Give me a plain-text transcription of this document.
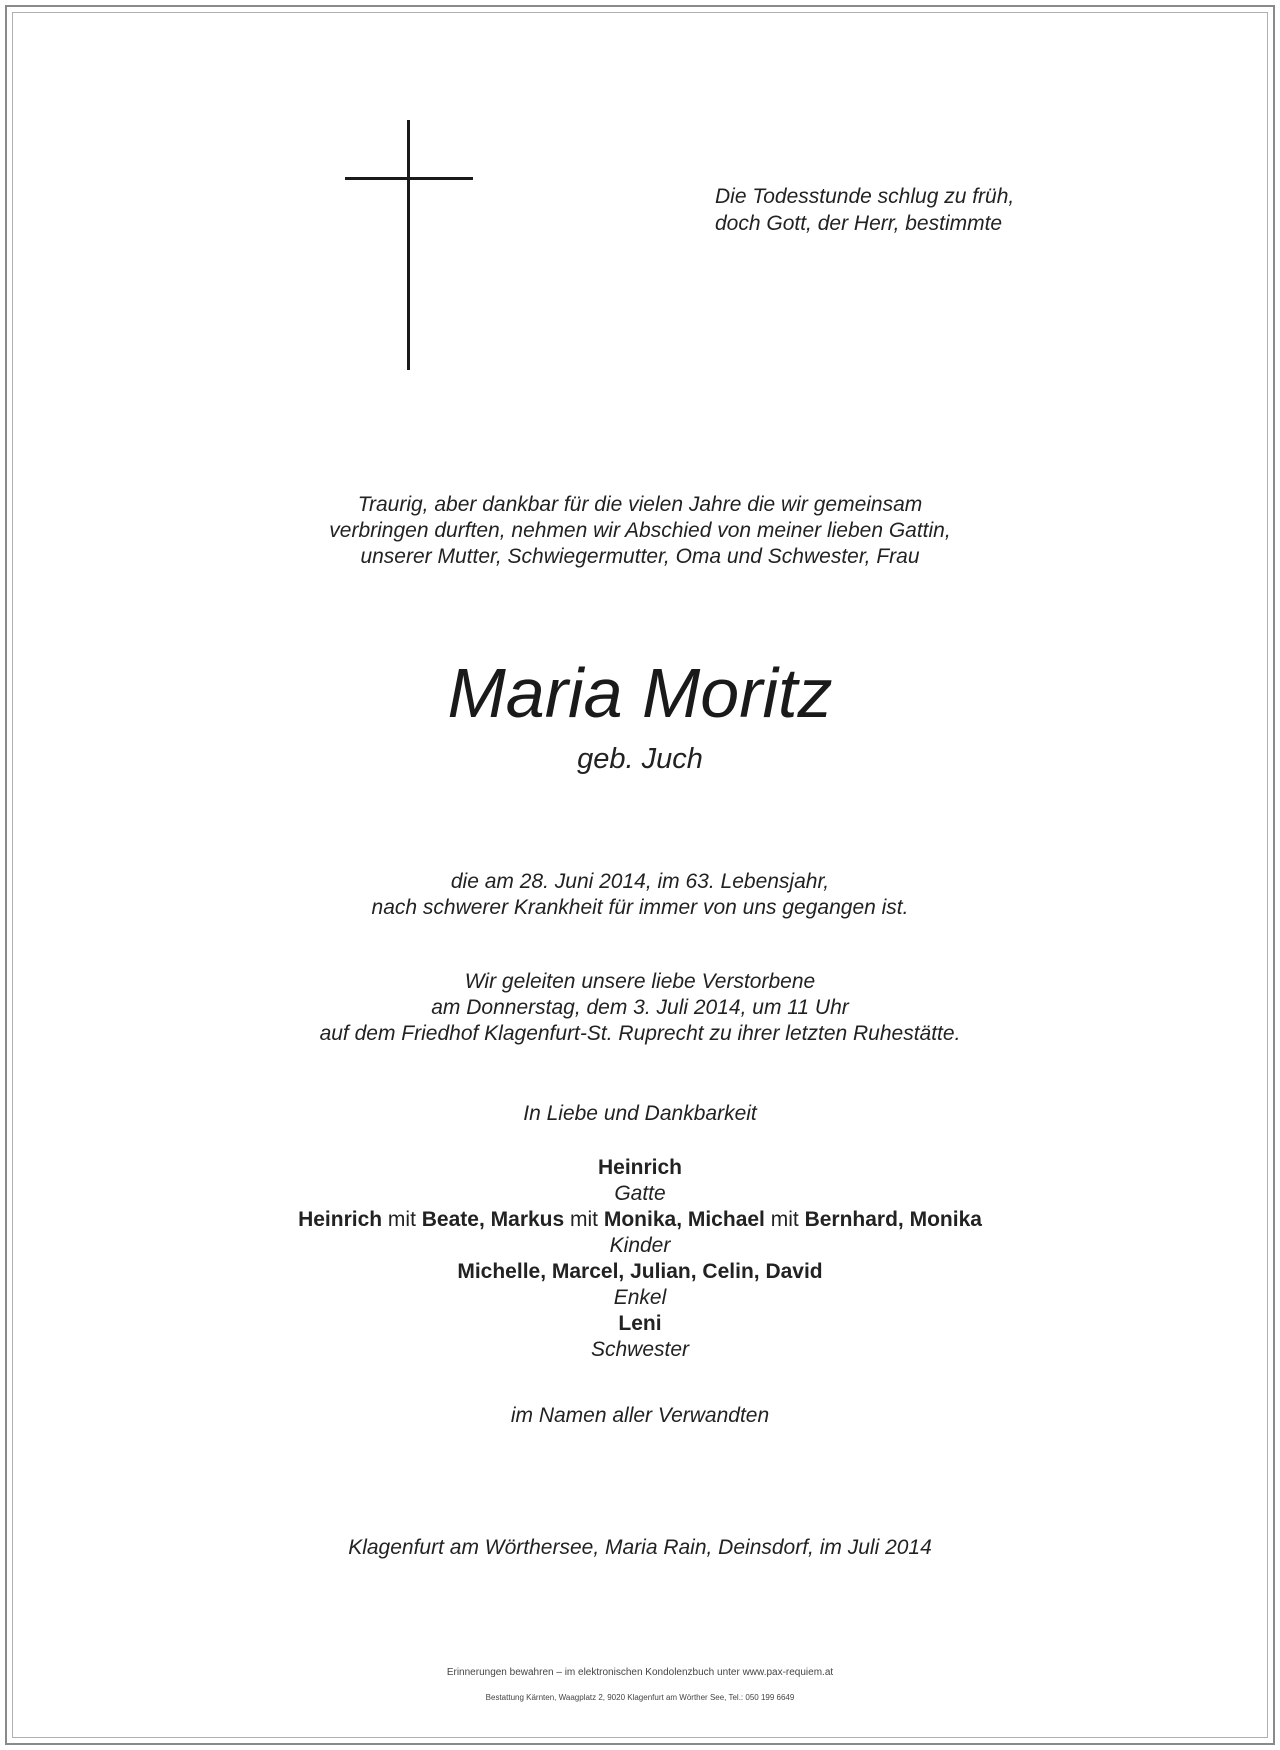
Die Todesstunde schlug zu früh,
doch Gott, der Herr, bestimmte
Traurig, aber dankbar für die vielen Jahre die wir gemeinsam
verbringen durften, nehmen wir Abschied von meiner lieben Gattin,
unserer Mutter, Schwiegermutter, Oma und Schwester, Frau
Maria Moritz
geb. Juch
die am 28. Juni 2014, im 63. Lebensjahr,
nach schwerer Krankheit für immer von uns gegangen ist.
Wir geleiten unsere liebe Verstorbene
am Donnerstag, dem 3. Juli 2014, um 11 Uhr
auf dem Friedhof Klagenfurt-St. Ruprecht zu ihrer letzten Ruhestätte.
In Liebe und Dankbarkeit
Heinrich
Gatte
Heinrich mit Beate, Markus mit Monika, Michael mit Bernhard, Monika
Kinder
Michelle, Marcel, Julian, Celin, David
Enkel
Leni
Schwester
im Namen aller Verwandten
Klagenfurt am Wörthersee, Maria Rain, Deinsdorf, im Juli 2014
Erinnerungen bewahren – im elektronischen Kondolenzbuch unter www.pax-requiem.at
Bestattung Kärnten, Waagplatz 2, 9020 Klagenfurt am Wörther See, Tel.: 050 199 6649
